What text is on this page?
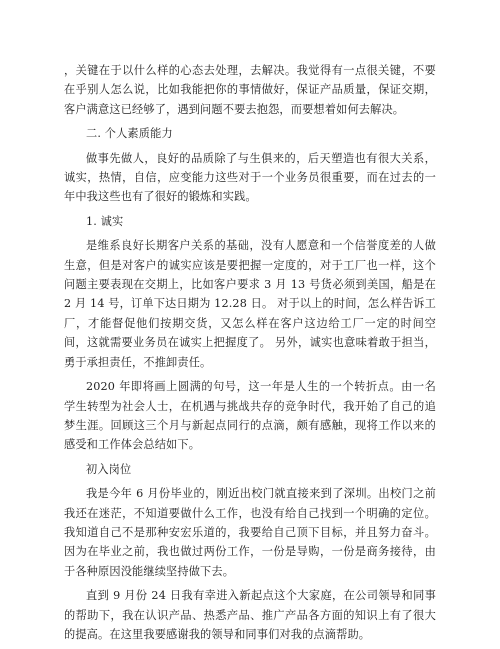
，关键在于以什么样的心态去处理，去解决。我觉得有一点很关键，不要在乎别人怎么说，比如我能把你的事情做好，保证产品质量，保证交期，客户满意这已经够了，遇到问题不要去抱怨，而要想着如何去解决。

二. 个人素质能力

做事先做人，良好的品质除了与生俱来的，后天塑造也有很大关系，诚实，热情，自信，应变能力这些对于一个业务员很重要，而在过去的一年中我这些也有了很好的锻炼和实践。

1. 诚实

是维系良好长期客户关系的基础，没有人愿意和一个信誉度差的人做生意，但是对客户的诚实应该是要把握一定度的，对于工厂也一样，这个问题主要表现在交期上，比如客户要求 3 月 13 号货必须到美国，船是在 2 月 14 号，订单下达日期为 12.28 日。 对于以上的时间，怎么样告诉工厂，才能督促他们按期交货，又怎么样在客户这边给工厂一定的时间空间，这就需要业务员在诚实上把握度了。 另外，诚实也意味着敢于担当，勇于承担责任，不推卸责任。

2020 年即将画上圆满的句号，这一年是人生的一个转折点。由一名学生转型为社会人士，在机遇与挑战共存的竞争时代，我开始了自己的追梦生涯。回顾这三个月与新起点同行的点滴，颇有感触，现将工作以来的感受和工作体会总结如下。

初入岗位

我是今年 6 月份毕业的，刚近出校门就直接来到了深圳。出校门之前我还在迷茫，不知道要做什么工作，也没有给自己找到一个明确的定位。我知道自己不是那种安宏乐道的，我要给自己顶下目标，并且努力奋斗。因为在毕业之前，我也做过两份工作，一份是导购，一份是商务接待，由于各种原因没能继续坚持做下去。

直到 9 月份 24 日我有幸进入新起点这个大家庭，在公司领导和同事的帮助下，我在认识产品、热悉产品、推广产品各方面的知识上有了很大的提高。在这里我要感谢我的领导和同事们对我的点滴帮助。
